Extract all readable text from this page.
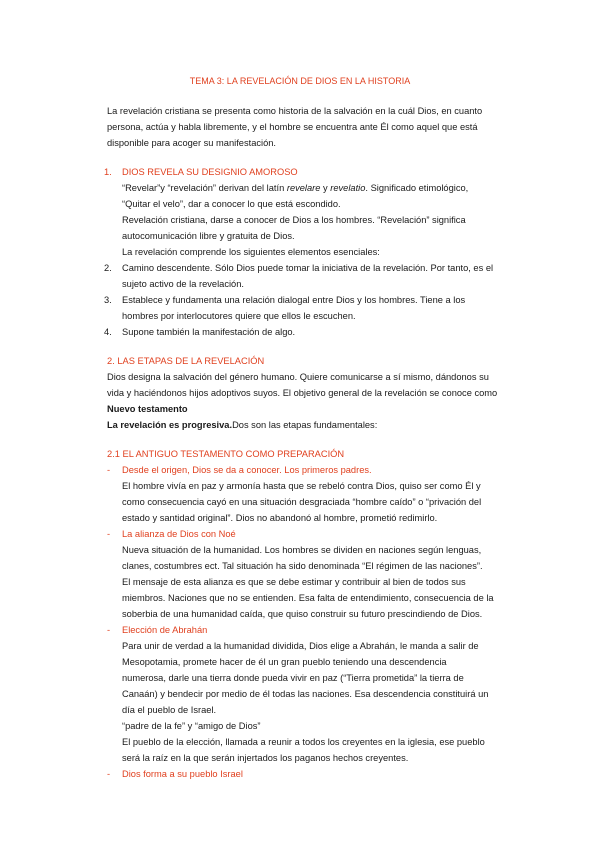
TEMA 3: LA REVELACIÓN DE DIOS EN LA HISTORIA
La revelación cristiana se presenta como historia de la salvación en la cuál Dios, en cuanto
persona, actúa y habla libremente, y el hombre se encuentra ante Él como aquel que está
disponible para acoger su manifestación.
1. DIOS REVELA SU DESIGNIO AMOROSO
“Revelar”y “revelación” derivan del latín revelare y revelatio. Significado etimológico,
“Quitar el velo”, dar a conocer lo que está escondido.
Revelación cristiana, darse a conocer de Dios a los hombres. “Revelación” significa
autocomunicación libre y gratuita de Dios.
La revelación comprende los siguientes elementos esenciales:
2. Camino descendente. Sólo Dios puede tomar la iniciativa de la revelación. Por tanto, es el
sujeto activo de la revelación.
3. Establece y fundamenta una relación dialogal entre Dios y los hombres. Tiene a los
hombres por interlocutores quiere que ellos le escuchen.
4. Supone también la manifestación de algo.
2. LAS ETAPAS DE LA REVELACIÓN
Dios designa la salvación del género humano. Quiere comunicarse a sí mismo, dándonos su
vida y haciéndonos hijos adoptivos suyos. El objetivo general de la revelación se conoce como
Nuevo testamento
La revelación es progresiva.Dos son las etapas fundamentales:
2.1 EL ANTIGUO TESTAMENTO COMO PREPARACIÓN
- Desde el origen, Dios se da a conocer. Los primeros padres.
El hombre vivía en paz y armonía hasta que se rebeló contra Dios, quiso ser como Él y
como consecuencia cayó en una situación desgraciada “hombre caído” o “privación del
estado y santidad original”. Dios no abandonó al hombre, prometió redimirlo.
- La alianza de Dios con Noé
Nueva situación de la humanidad. Los hombres se dividen en naciones según lenguas,
clanes, costumbres ect. Tal situación ha sido denominada “El régimen de las naciones”.
El mensaje de esta alianza es que se debe estimar y contribuir al bien de todos sus
miembros. Naciones que no se entienden. Esa falta de entendimiento, consecuencia de la
soberbia de una humanidad caída, que quiso construir su futuro prescindiendo de Dios.
- Elección de Abrahán
Para unir de verdad a la humanidad dividida, Dios elige a Abrahán, le manda a salir de
Mesopotamia, promete hacer de él un gran pueblo teniendo una descendencia
numerosa, darle una tierra donde pueda vivir en paz (“Tierra prometida” la tierra de
Canaán) y bendecir por medio de él todas las naciones. Esa descendencia constituirá un
día el pueblo de Israel.
“padre de la fe” y “amigo de Dios”
El pueblo de la elección, llamada a reunir a todos los creyentes en la iglesia, ese pueblo
será la raíz en la que serán injertados los paganos hechos creyentes.
- Dios forma a su pueblo Israel
